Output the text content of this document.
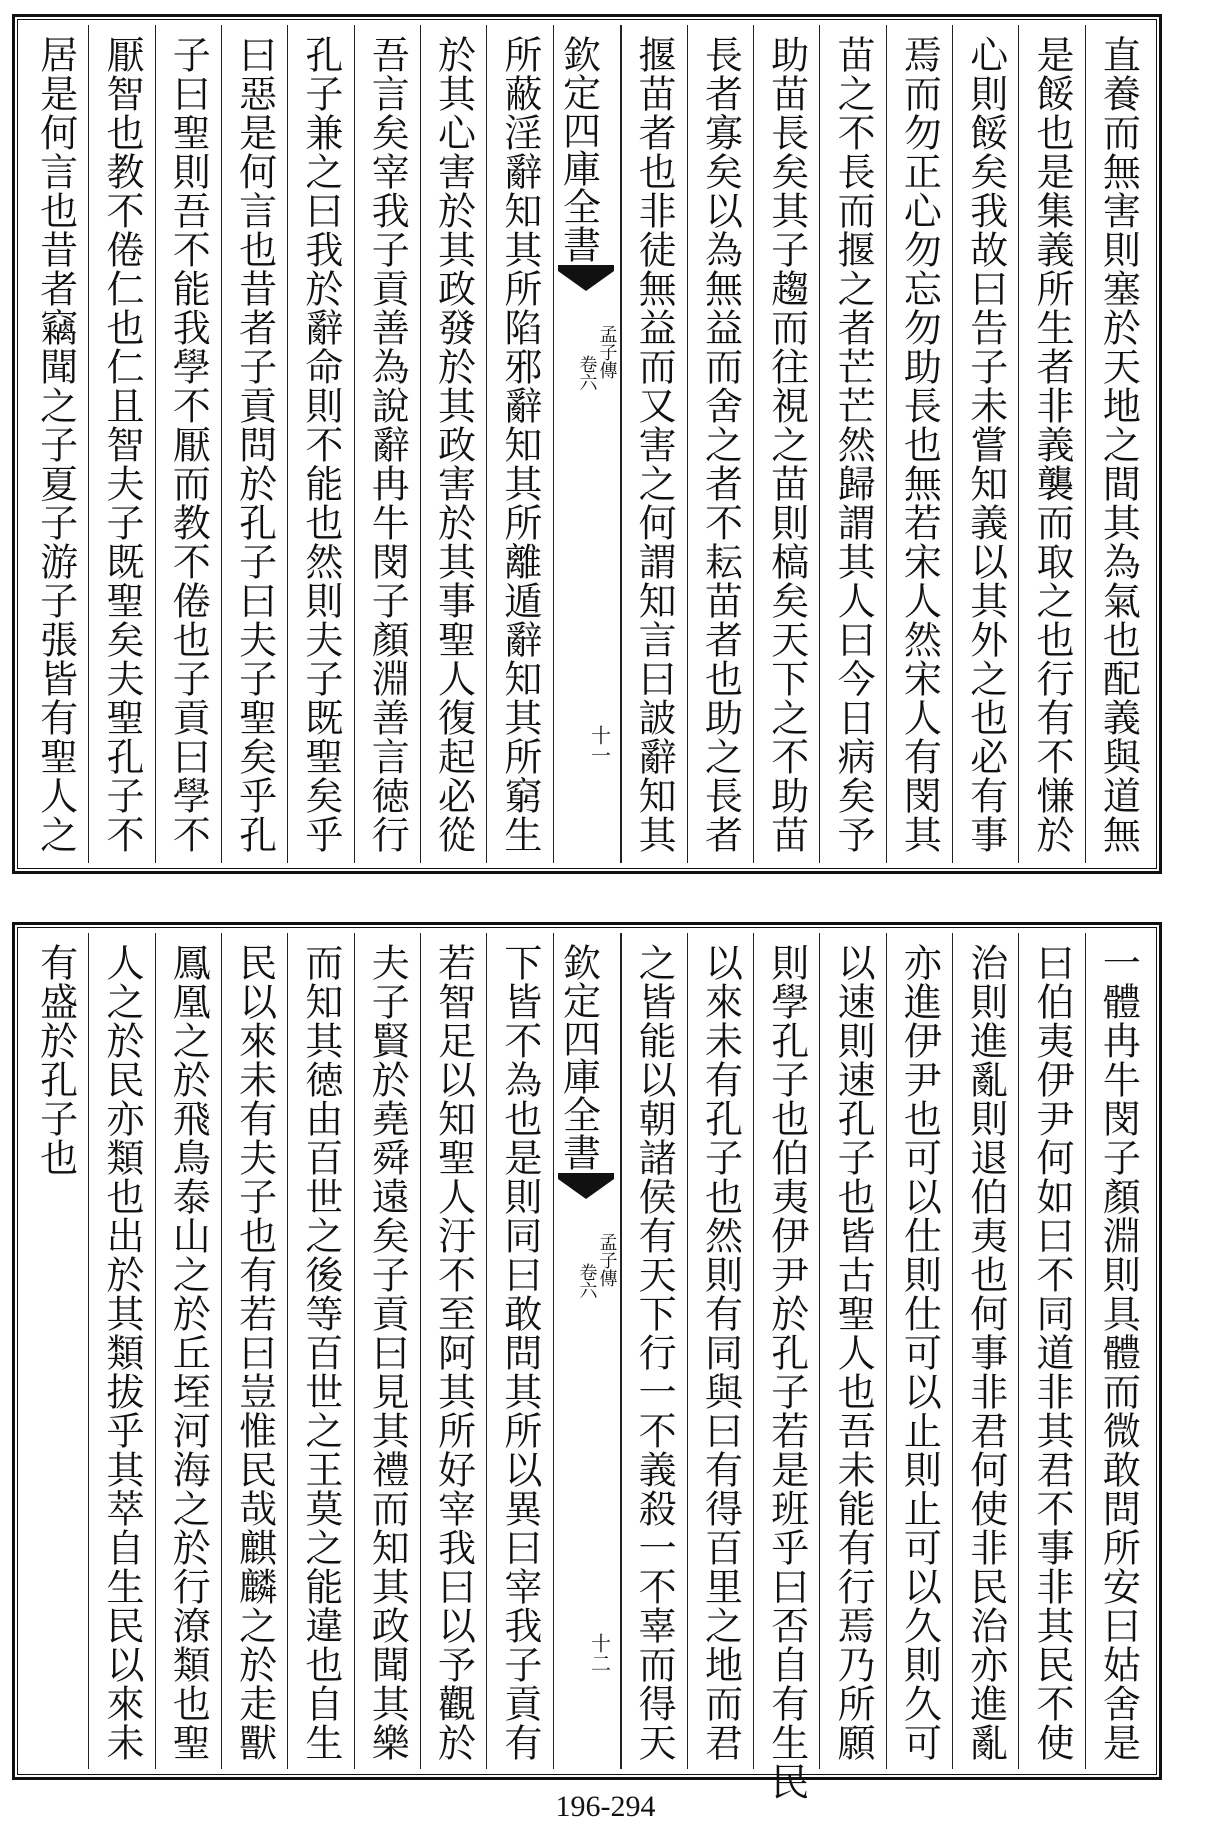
直養而無害則塞於天地之間其為氣也配義與道無
是餒也是集義所生者非義襲而取之也行有不慊於
心則餒矣我故曰告子未嘗知義以其外之也必有事
焉而勿正心勿忘勿助長也無若宋人然宋人有閔其
苗之不長而揠之者芒芒然歸謂其人曰今日病矣予
助苗長矣其子趨而往視之苗則槁矣天下之不助苗
長者寡矣以為無益而舍之者不耘苗者也助之長者
揠苗者也非徒無益而又害之何謂知言曰詖辭知其
欽定四庫全書
孟子傳
卷六
十一
所蔽淫辭知其所陷邪辭知其所離遁辭知其所窮生
於其心害於其政發於其政害於其事聖人復起必從
吾言矣宰我子貢善為說辭冉牛閔子顏淵善言徳行
孔子兼之曰我於辭命則不能也然則夫子既聖矣乎
曰惡是何言也昔者子貢問於孔子曰夫子聖矣乎孔
子曰聖則吾不能我學不厭而教不倦也子貢曰學不
厭智也教不倦仁也仁且智夫子既聖矣夫聖孔子不
居是何言也昔者竊聞之子夏子游子張皆有聖人之
一體冉牛閔子顏淵則具體而微敢問所安曰姑舍是
曰伯夷伊尹何如曰不同道非其君不事非其民不使
治則進亂則退伯夷也何事非君何使非民治亦進亂
亦進伊尹也可以仕則仕可以止則止可以久則久可
以速則速孔子也皆古聖人也吾未能有行焉乃所願
則學孔子也伯夷伊尹於孔子若是班乎曰否自有生民
以來未有孔子也然則有同與曰有得百里之地而君
之皆能以朝諸侯有天下行一不義殺一不辜而得天
欽定四庫全書
孟子傳
卷六
十二
下皆不為也是則同曰敢問其所以異曰宰我子貢有
若智足以知聖人汙不至阿其所好宰我曰以予觀於
夫子賢於堯舜遠矣子貢曰見其禮而知其政聞其樂
而知其徳由百世之後等百世之王莫之能違也自生
民以來未有夫子也有若曰豈惟民哉麒麟之於走獸
鳳凰之於飛鳥泰山之於丘垤河海之於行潦類也聖
人之於民亦類也出於其類拔乎其萃自生民以來未
有盛於孔子也
196-294
